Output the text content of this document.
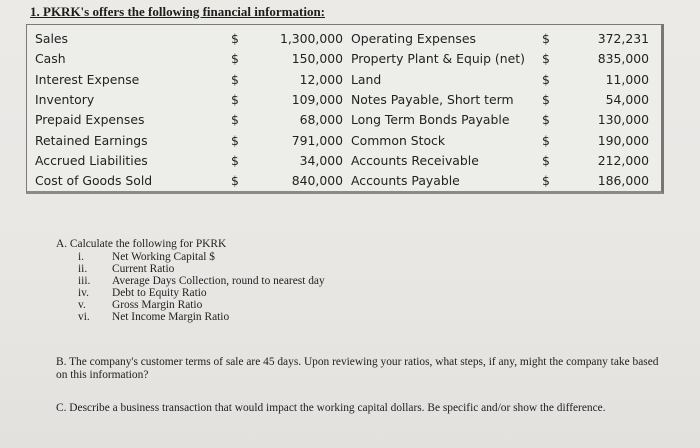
1. PKRK's offers the following financial information:
Sales	$	1,300,000 Operating Expenses	$	372,231
Cash	$	150,000 Property Plant & Equip (net) $	835,000
Interest Expense	$	12,000 Land	$	11,000
Inventory	$	109,000 Notes Payable, Short term $	54,000
Prepaid Expenses	$	68,000 Long Term Bonds Payable	$	130,000
Retained Earnings	$	791,000 Common Stock	$	190,000
Accrued Liabilities	$	34,000 Accounts Receivable	$	212,000
Cost of Goods Sold	$	840,000 Accounts Payable	$	186,000
A. Calculate the following for PKRK
i. Net Working Capital $
ii. Current Ratio
iii. Average Days Collection, round to nearest day
iv. Debt to Equity Ratio
v. Gross Margin Ratio
vi. Net Income Margin Ratio
B. The company's customer terms of sale are 45 days. Upon reviewing your ratios, what steps, if any, might the company take based on this information?
C. Describe a business transaction that would impact the working capital dollars. Be specific and/or show the difference.
